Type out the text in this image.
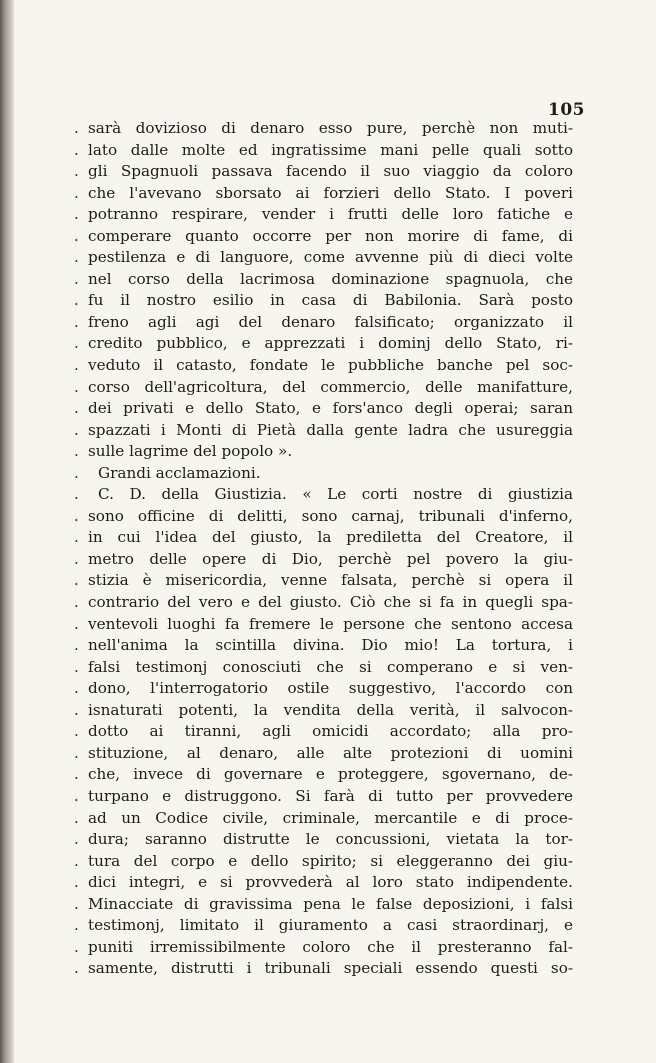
105
. sarà dovizioso di denaro esso pure, perchè non muti-
. lato dalle molte ed ingratissime mani pelle quali sotto
. gli Spagnuoli passava facendo il suo viaggio da coloro
. che l'avevano sborsato ai forzieri dello Stato. I poveri
. potranno respirare, vender i frutti delle loro fatiche e
. comperare quanto occorre per non morire di fame, di
. pestilenza e di languore, come avvenne più di dieci volte
. nel corso della lacrimosa dominazione spagnuola, che
. fu il nostro esilio in casa di Babilonia. Sarà posto
. freno agli agi del denaro falsificato; organizzato il
. credito pubblico, e apprezzati i dominj dello Stato, ri-
. veduto il catasto, fondate le pubbliche banche pel soc-
. corso dell'agricoltura, del commercio, delle manifatture,
. dei privati e dello Stato, e fors'anco degli operai; saran
. spazzati i Monti di Pietà dalla gente ladra che usureggia
. sulle lagrime del popolo ».
. Grandi acclamazioni.
. C. D. della Giustizia. « Le corti nostre di giustizia
. sono officine di delitti, sono carnaj, tribunali d'inferno,
. in cui l'idea del giusto, la prediletta del Creatore, il
. metro delle opere di Dio, perchè pel povero la giu-
. stizia è misericordia, venne falsata, perchè si opera il
. contrario del vero e del giusto. Ciò che si fa in quegli spa-
. ventevoli luoghi fa fremere le persone che sentono accesa
. nell'anima la scintilla divina. Dio mio! La tortura, i
. falsi testimonj conosciuti che si comperano e si ven-
. dono, l'interrogatorio ostile suggestivo, l'accordo con
. isnaturati potenti, la vendita della verità, il salvocon-
. dotto ai tiranni, agli omicidi accordato; alla pro-
. stituzione, al denaro, alle alte protezioni di uomini
. che, invece di governare e proteggere, sgovernano, de-
. turpano e distruggono. Si farà di tutto per provvedere
. ad un Codice civile, criminale, mercantile e di proce-
. dura; saranno distrutte le concussioni, vietata la tor-
. tura del corpo e dello spirito; si eleggeranno dei giu-
. dici integri, e si provvederà al loro stato indipendente.
. Minacciate di gravissima pena le false deposizioni, i falsi
. testimonj, limitato il giuramento a casi straordinarj, e
. puniti irremissibilmente coloro che il presteranno fal-
. samente, distrutti i tribunali speciali essendo questi so-
